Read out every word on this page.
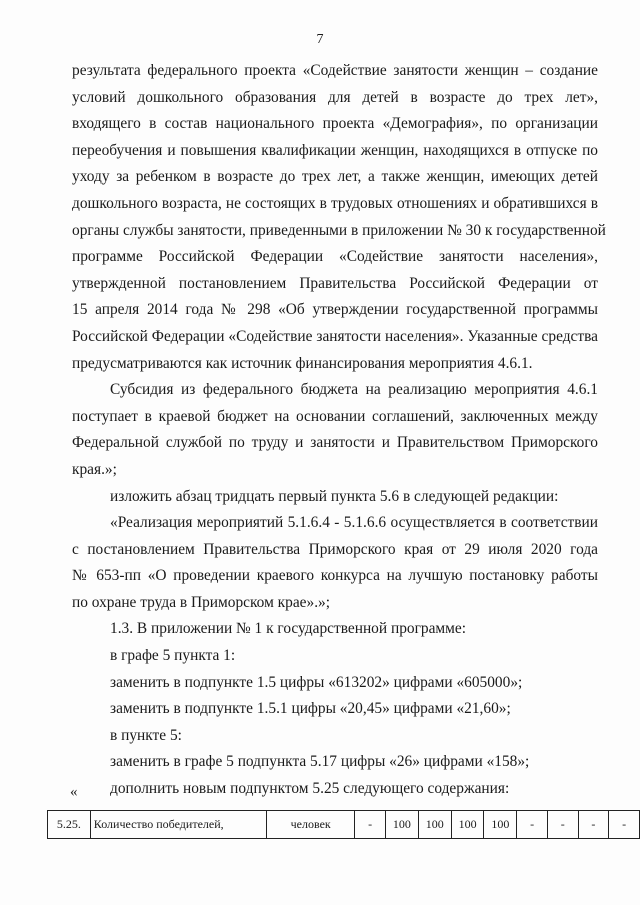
7
результата федерального проекта «Содействие занятости женщин – создание
условий дошкольного образования для детей в возрасте до трех лет»,
входящего в состав национального проекта «Демография», по организации
переобучения и повышения квалификации женщин, находящихся в отпуске по
уходу за ребенком в возрасте до трех лет, а также женщин, имеющих детей
дошкольного возраста, не состоящих в трудовых отношениях и обратившихся в
органы службы занятости, приведенными в приложении № 30 к государственной
программе Российской Федерации «Содействие занятости населения»,
утвержденной постановлением Правительства Российской Федерации от
15 апреля 2014 года № 298 «Об утверждении государственной программы
Российской Федерации «Содействие занятости населения». Указанные средства
предусматриваются как источник финансирования мероприятия 4.6.1.
Субсидия из федерального бюджета на реализацию мероприятия 4.6.1
поступает в краевой бюджет на основании соглашений, заключенных между
Федеральной службой по труду и занятости и Правительством Приморского
края.»;
изложить абзац тридцать первый пункта 5.6 в следующей редакции:
«Реализация мероприятий 5.1.6.4 - 5.1.6.6 осуществляется в соответствии
с постановлением Правительства Приморского края от 29 июля 2020 года
№ 653-пп «О проведении краевого конкурса на лучшую постановку работы
по охране труда в Приморском крае».»;
1.3. В приложении № 1 к государственной программе:
в графе 5 пункта 1:
заменить в подпункте 1.5 цифры «613202» цифрами «605000»;
заменить в подпункте 1.5.1 цифры «20,45» цифрами «21,60»;
в пункте 5:
заменить в графе 5 подпункта 5.17 цифры «26» цифрами «158»;
дополнить новым подпунктом 5.25 следующего содержания:
«
5.25.	Количество победителей,	человек	-	100	100	100	100	-	-	-	-
